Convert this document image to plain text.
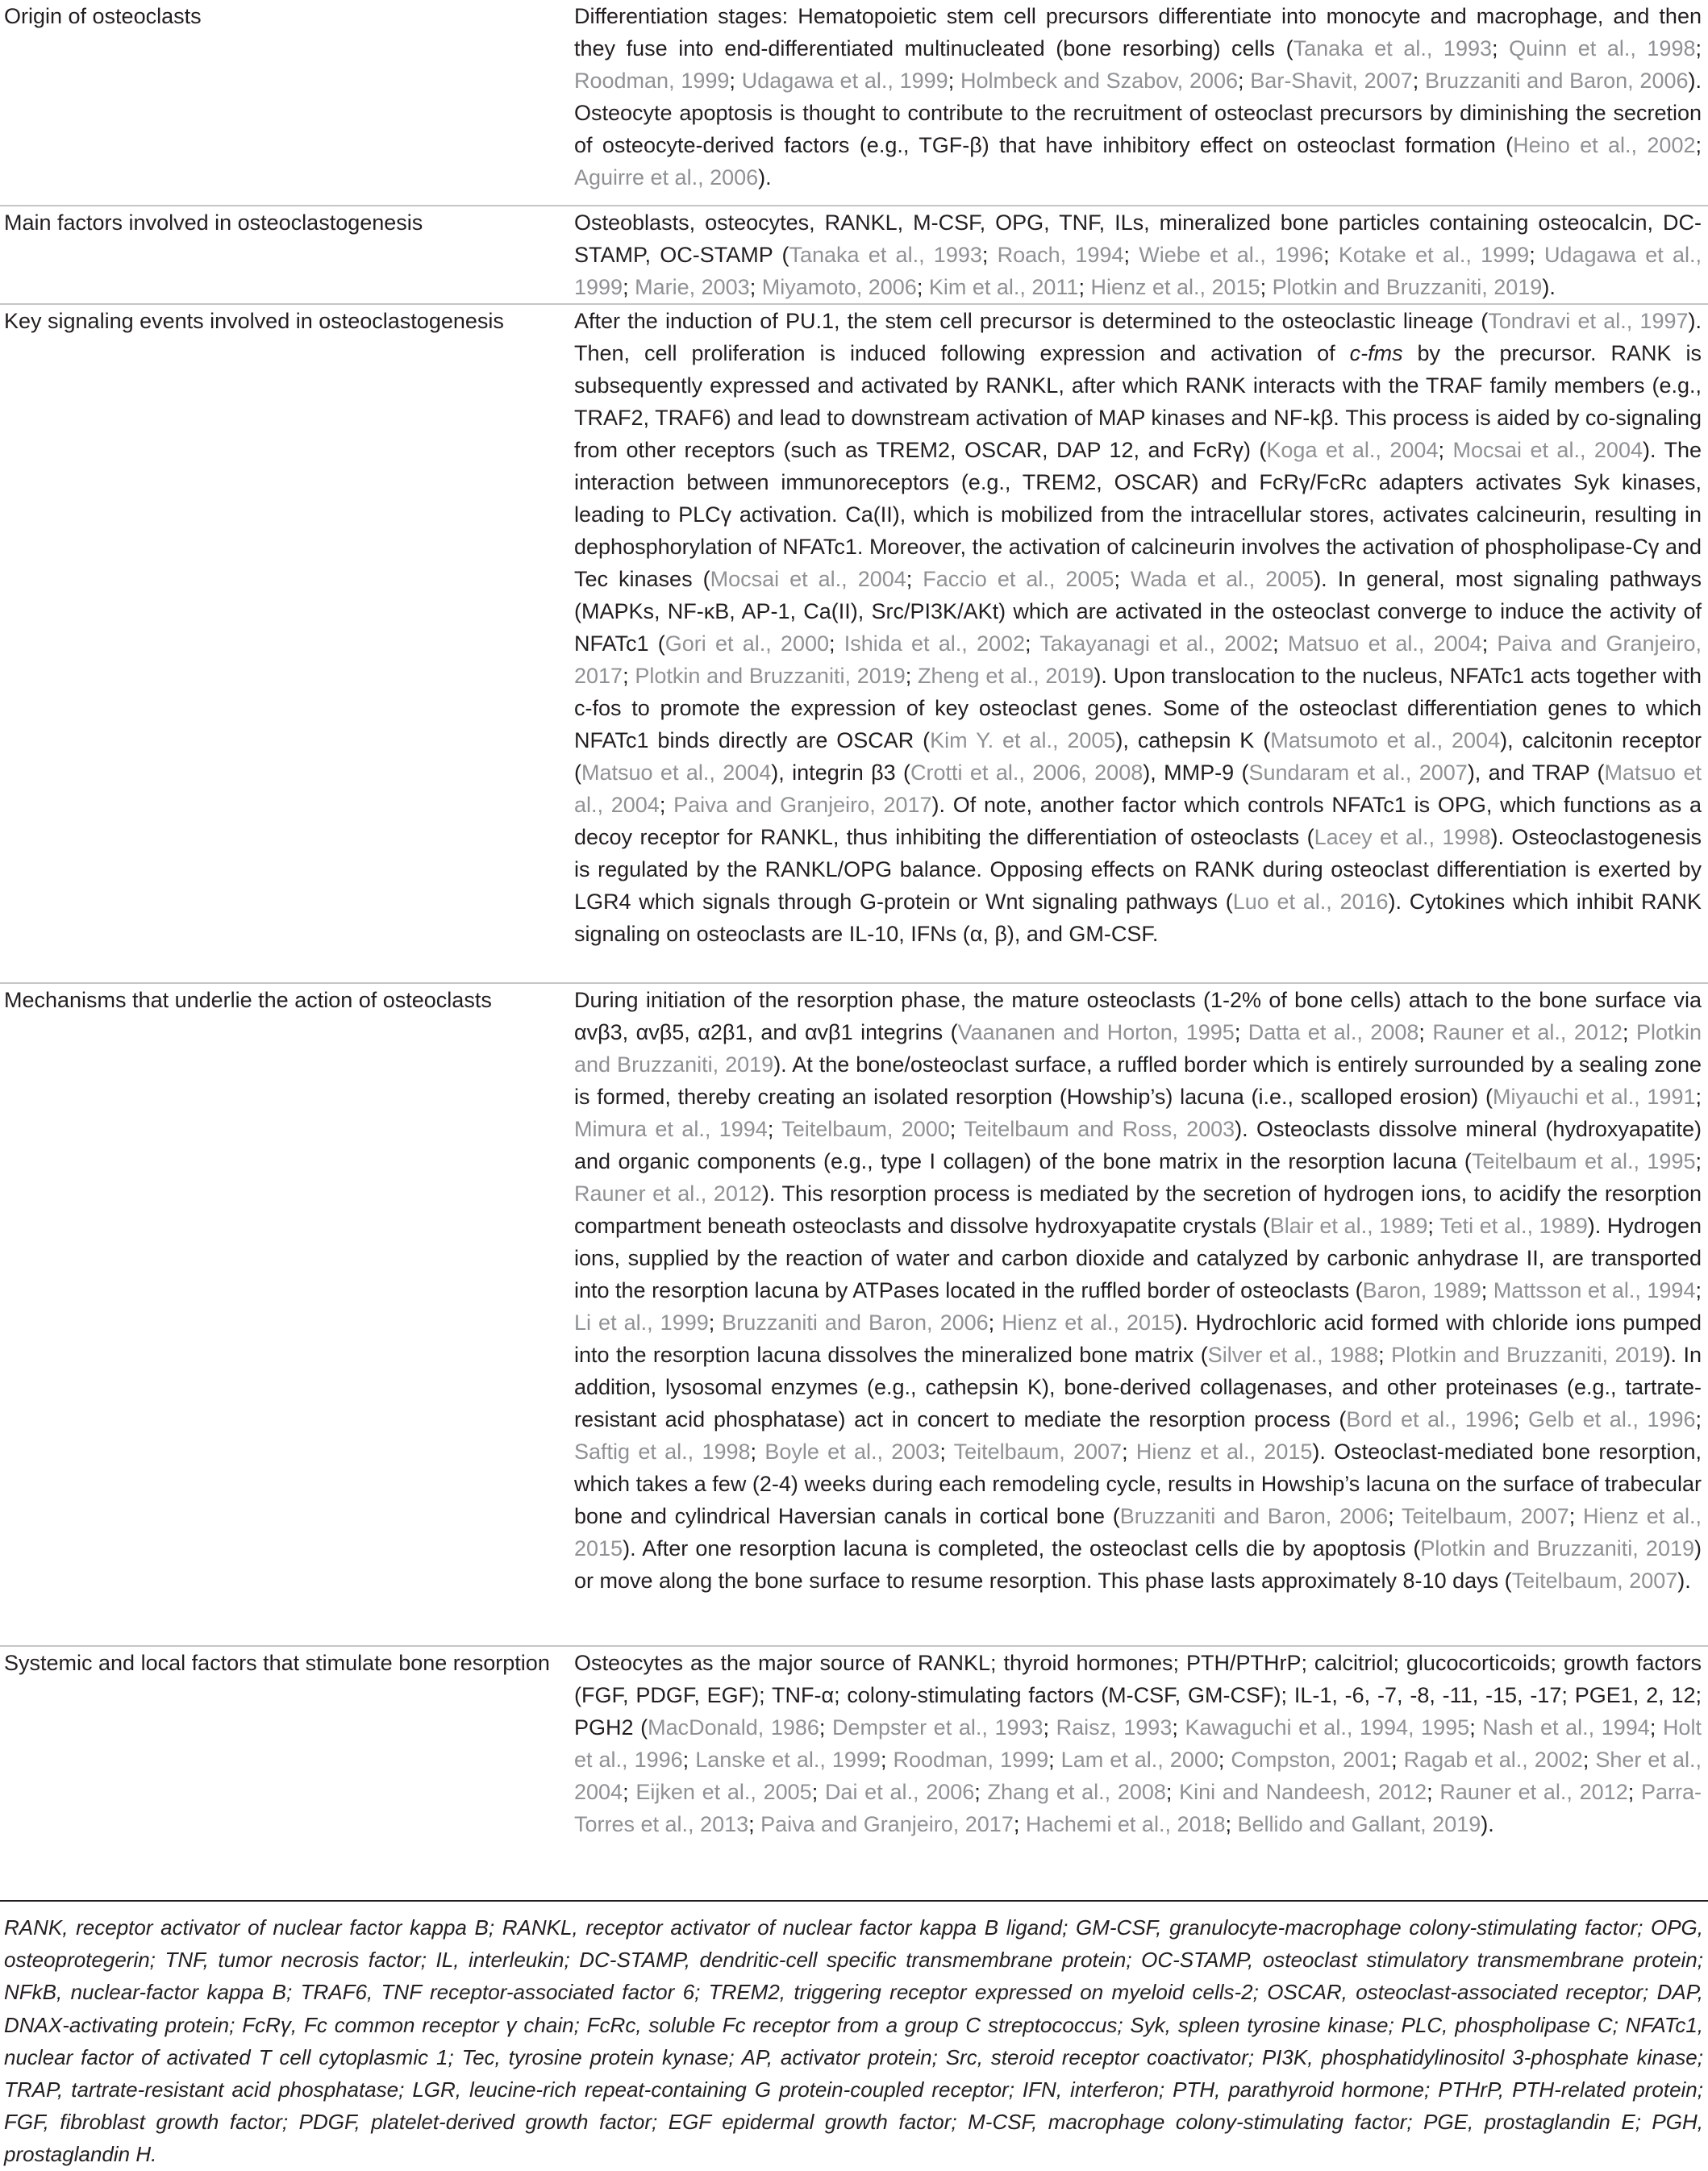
Origin of osteoclasts	Differentiation stages: Hematopoietic stem cell precursors differentiate into monocyte and macrophage, and then they fuse into end-differentiated multinucleated (bone resorbing) cells (Tanaka et al., 1993; Quinn et al., 1998; Roodman, 1999; Udagawa et al., 1999; Holmbeck and Szabov, 2006; Bar-Shavit, 2007; Bruzzaniti and Baron, 2006). Osteocyte apoptosis is thought to contribute to the recruitment of osteoclast precursors by diminishing the secretion of osteocyte-derived factors (e.g., TGF-β) that have inhibitory effect on osteoclast formation (Heino et al., 2002; Aguirre et al., 2006).
Main factors involved in osteoclastogenesis	Osteoblasts, osteocytes, RANKL, M-CSF, OPG, TNF, ILs, mineralized bone particles containing osteocalcin, DC-STAMP, OC-STAMP (Tanaka et al., 1993; Roach, 1994; Wiebe et al., 1996; Kotake et al., 1999; Udagawa et al., 1999; Marie, 2003; Miyamoto, 2006; Kim et al., 2011; Hienz et al., 2015; Plotkin and Bruzzaniti, 2019).
Key signaling events involved in osteoclastogenesis	After the induction of PU.1, the stem cell precursor is determined to the osteoclastic lineage (Tondravi et al., 1997). Then, cell proliferation is induced following expression and activation of c-fms by the precursor. RANK is subsequently expressed and activated by RANKL, after which RANK interacts with the TRAF family members (e.g., TRAF2, TRAF6) and lead to downstream activation of MAP kinases and NF-kβ. This process is aided by co-signaling from other receptors (such as TREM2, OSCAR, DAP 12, and FcRγ) (Koga et al., 2004; Mocsai et al., 2004). The interaction between immunoreceptors (e.g., TREM2, OSCAR) and FcRγ/FcRc adapters activates Syk kinases, leading to PLCγ activation. Ca(II), which is mobilized from the intracellular stores, activates calcineurin, resulting in dephosphorylation of NFATc1. Moreover, the activation of calcineurin involves the activation of phospholipase-Cγ and Tec kinases (Mocsai et al., 2004; Faccio et al., 2005; Wada et al., 2005). In general, most signaling pathways (MAPKs, NF-κB, AP-1, Ca(II), Src/PI3K/AKt) which are activated in the osteoclast converge to induce the activity of NFATc1 (Gori et al., 2000; Ishida et al., 2002; Takayanagi et al., 2002; Matsuo et al., 2004; Paiva and Granjeiro, 2017; Plotkin and Bruzzaniti, 2019; Zheng et al., 2019). Upon translocation to the nucleus, NFATc1 acts together with c-fos to promote the expression of key osteoclast genes. Some of the osteoclast differentiation genes to which NFATc1 binds directly are OSCAR (Kim Y. et al., 2005), cathepsin K (Matsumoto et al., 2004), calcitonin receptor (Matsuo et al., 2004), integrin β3 (Crotti et al., 2006, 2008), MMP-9 (Sundaram et al., 2007), and TRAP (Matsuo et al., 2004; Paiva and Granjeiro, 2017). Of note, another factor which controls NFATc1 is OPG, which functions as a decoy receptor for RANKL, thus inhibiting the differentiation of osteoclasts (Lacey et al., 1998). Osteoclastogenesis is regulated by the RANKL/OPG balance. Opposing effects on RANK during osteoclast differentiation is exerted by LGR4 which signals through G-protein or Wnt signaling pathways (Luo et al., 2016). Cytokines which inhibit RANK signaling on osteoclasts are IL-10, IFNs (α, β), and GM-CSF.
Mechanisms that underlie the action of osteoclasts	During initiation of the resorption phase, the mature osteoclasts (1-2% of bone cells) attach to the bone surface via αvβ3, αvβ5, α2β1, and αvβ1 integrins (Vaananen and Horton, 1995; Datta et al., 2008; Rauner et al., 2012; Plotkin and Bruzzaniti, 2019). At the bone/osteoclast surface, a ruffled border which is entirely surrounded by a sealing zone is formed, thereby creating an isolated resorption (Howship’s) lacuna (i.e., scalloped erosion) (Miyauchi et al., 1991; Mimura et al., 1994; Teitelbaum, 2000; Teitelbaum and Ross, 2003). Osteoclasts dissolve mineral (hydroxyapatite) and organic components (e.g., type I collagen) of the bone matrix in the resorption lacuna (Teitelbaum et al., 1995; Rauner et al., 2012). This resorption process is mediated by the secretion of hydrogen ions, to acidify the resorption compartment beneath osteoclasts and dissolve hydroxyapatite crystals (Blair et al., 1989; Teti et al., 1989). Hydrogen ions, supplied by the reaction of water and carbon dioxide and catalyzed by carbonic anhydrase II, are transported into the resorption lacuna by ATPases located in the ruffled border of osteoclasts (Baron, 1989; Mattsson et al., 1994; Li et al., 1999; Bruzzaniti and Baron, 2006; Hienz et al., 2015). Hydrochloric acid formed with chloride ions pumped into the resorption lacuna dissolves the mineralized bone matrix (Silver et al., 1988; Plotkin and Bruzzaniti, 2019). In addition, lysosomal enzymes (e.g., cathepsin K), bone-derived collagenases, and other proteinases (e.g., tartrate-resistant acid phosphatase) act in concert to mediate the resorption process (Bord et al., 1996; Gelb et al., 1996; Saftig et al., 1998; Boyle et al., 2003; Teitelbaum, 2007; Hienz et al., 2015). Osteoclast-mediated bone resorption, which takes a few (2-4) weeks during each remodeling cycle, results in Howship’s lacuna on the surface of trabecular bone and cylindrical Haversian canals in cortical bone (Bruzzaniti and Baron, 2006; Teitelbaum, 2007; Hienz et al., 2015). After one resorption lacuna is completed, the osteoclast cells die by apoptosis (Plotkin and Bruzzaniti, 2019) or move along the bone surface to resume resorption. This phase lasts approximately 8-10 days (Teitelbaum, 2007).
Systemic and local factors that stimulate bone resorption	Osteocytes as the major source of RANKL; thyroid hormones; PTH/PTHrP; calcitriol; glucocorticoids; growth factors (FGF, PDGF, EGF); TNF-α; colony-stimulating factors (M-CSF, GM-CSF); IL-1, -6, -7, -8, -11, -15, -17; PGE1, 2, 12; PGH2 (MacDonald, 1986; Dempster et al., 1993; Raisz, 1993; Kawaguchi et al., 1994, 1995; Nash et al., 1994; Holt et al., 1996; Lanske et al., 1999; Roodman, 1999; Lam et al., 2000; Compston, 2001; Ragab et al., 2002; Sher et al., 2004; Eijken et al., 2005; Dai et al., 2006; Zhang et al., 2008; Kini and Nandeesh, 2012; Rauner et al., 2012; Parra-Torres et al., 2013; Paiva and Granjeiro, 2017; Hachemi et al., 2018; Bellido and Gallant, 2019).
RANK, receptor activator of nuclear factor kappa B; RANKL, receptor activator of nuclear factor kappa B ligand; GM-CSF, granulocyte-macrophage colony-stimulating factor; OPG, osteoprotegerin; TNF, tumor necrosis factor; IL, interleukin; DC-STAMP, dendritic-cell specific transmembrane protein; OC-STAMP, osteoclast stimulatory transmembrane protein; NFkB, nuclear-factor kappa B; TRAF6, TNF receptor-associated factor 6; TREM2, triggering receptor expressed on myeloid cells-2; OSCAR, osteoclast-associated receptor; DAP, DNAX-activating protein; FcRγ, Fc common receptor γ chain; FcRc, soluble Fc receptor from a group C streptococcus; Syk, spleen tyrosine kinase; PLC, phospholipase C; NFATc1, nuclear factor of activated T cell cytoplasmic 1; Tec, tyrosine protein kynase; AP, activator protein; Src, steroid receptor coactivator; PI3K, phosphatidylinositol 3-phosphate kinase; TRAP, tartrate-resistant acid phosphatase; LGR, leucine-rich repeat-containing G protein-coupled receptor; IFN, interferon; PTH, parathyroid hormone; PTHrP, PTH-related protein; FGF, fibroblast growth factor; PDGF, platelet-derived growth factor; EGF epidermal growth factor; M-CSF, macrophage colony-stimulating factor; PGE, prostaglandin E; PGH, prostaglandin H.
